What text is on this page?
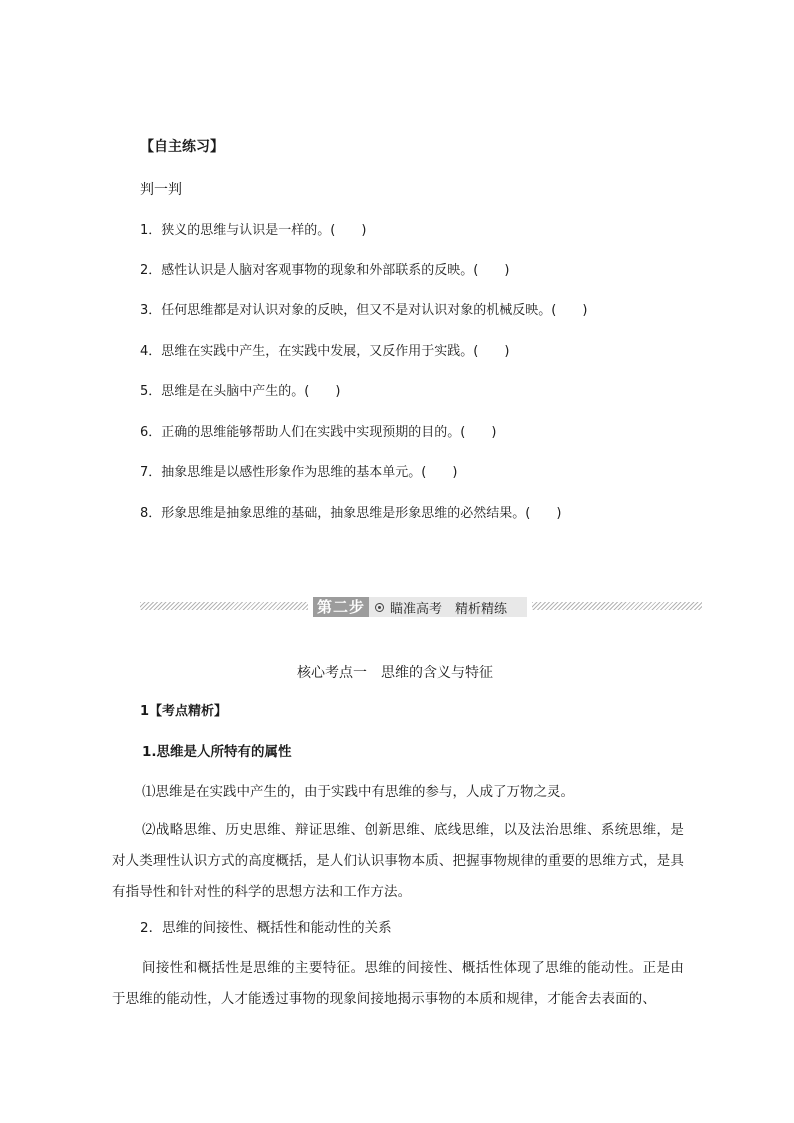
【自主练习】
判一判
1．狭义的思维与认识是一样的。(　　)
2．感性认识是人脑对客观事物的现象和外部联系的反映。(　　)
3．任何思维都是对认识对象的反映，但又不是对认识对象的机械反映。(　　)
4．思维在实践中产生，在实践中发展，又反作用于实践。(　　)
5．思维是在头脑中产生的。(　　)
6．正确的思维能够帮助人们在实践中实现预期的目的。(　　)
7．抽象思维是以感性形象作为思维的基本单元。(　　)
8．形象思维是抽象思维的基础，抽象思维是形象思维的必然结果。(　　)
第二步	瞄准高考　精析精练
核心考点一　思维的含义与特征
1【考点精析】
1.思维是人所特有的属性
⑴思维是在实践中产生的，由于实践中有思维的参与，人成了万物之灵。

⑵战略思维、历史思维、辩证思维、创新思维、底线思维，以及法治思维、系统思维，是对人类理性认识方式的高度概括，是人们认识事物本质、把握事物规律的重要的思维方式，是具有指导性和针对性的科学的思想方法和工作方法。

2．思维的间接性、概括性和能动性的关系

间接性和概括性是思维的主要特征。思维的间接性、概括性体现了思维的能动性。正是由于思维的能动性，人才能透过事物的现象间接地揭示事物的本质和规律，才能舍去表面的、
